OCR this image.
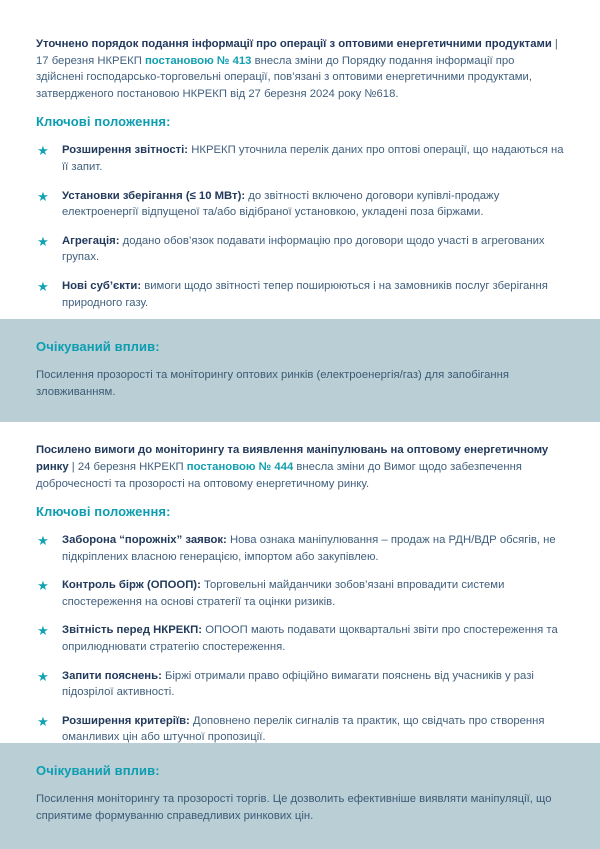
Уточнено порядок подання інформації про операції з оптовими енергетичними продуктами | 17 березня НКРЕКП постановою № 413 внесла зміни до Порядку подання інформації про здійснені господарсько-торговельні операції, пов’язані з оптовими енергетичними продуктами, затвердженого постановою НКРЕКП від 27 березня 2024 року №618.

Ключові положення:
★ Розширення звітності: НКРЕКП уточнила перелік даних про оптові операції, що надаються на її запит.

★ Установки зберігання (≤ 10 МВт): до звітності включено договори купівлі-продажу електроенергії відпущеної та/або відібраної установкою, укладені поза біржами.

★ Агрегація: додано обов’язок подавати інформацію про договори щодо участі в агрегованих групах.

★ Нові суб’єкти: вимоги щодо звітності тепер поширюються і на замовників послуг зберігання природного газу.

Очікуваний вплив:

Посилення прозорості та моніторингу оптових ринків (електроенергія/газ) для запобігання зловживанням.

Посилено вимоги до моніторингу та виявлення маніпулювань на оптовому енергетичному ринку | 24 березня НКРЕКП постановою № 444 внесла зміни до Вимог щодо забезпечення доброчесності та прозорості на оптовому енергетичному ринку.

Ключові положення:
★ Заборона “порожніх” заявок: Нова ознака маніпулювання – продаж на РДН/ВДР обсягів, не підкріплених власною генерацією, імпортом або закупівлею.

★ Контроль бірж (ОПООП): Торговельні майданчики зобов’язані впровадити системи спостереження на основі стратегії та оцінки ризиків.

★ Звітність перед НКРЕКП: ОПООП мають подавати щоквартальні звіти про спостереження та оприлюднювати стратегію спостереження.

★ Запити пояснень: Біржі отримали право офіційно вимагати пояснень від учасників у разі підозрілої активності.

★ Розширення критеріїв: Доповнено перелік сигналів та практик, що свідчать про створення оманливих цін або штучної пропозиції.

Очікуваний вплив:

Посилення моніторингу та прозорості торгів. Це дозволить ефективніше виявляти маніпуляції, що сприятиме формуванню справедливих ринкових цін.
